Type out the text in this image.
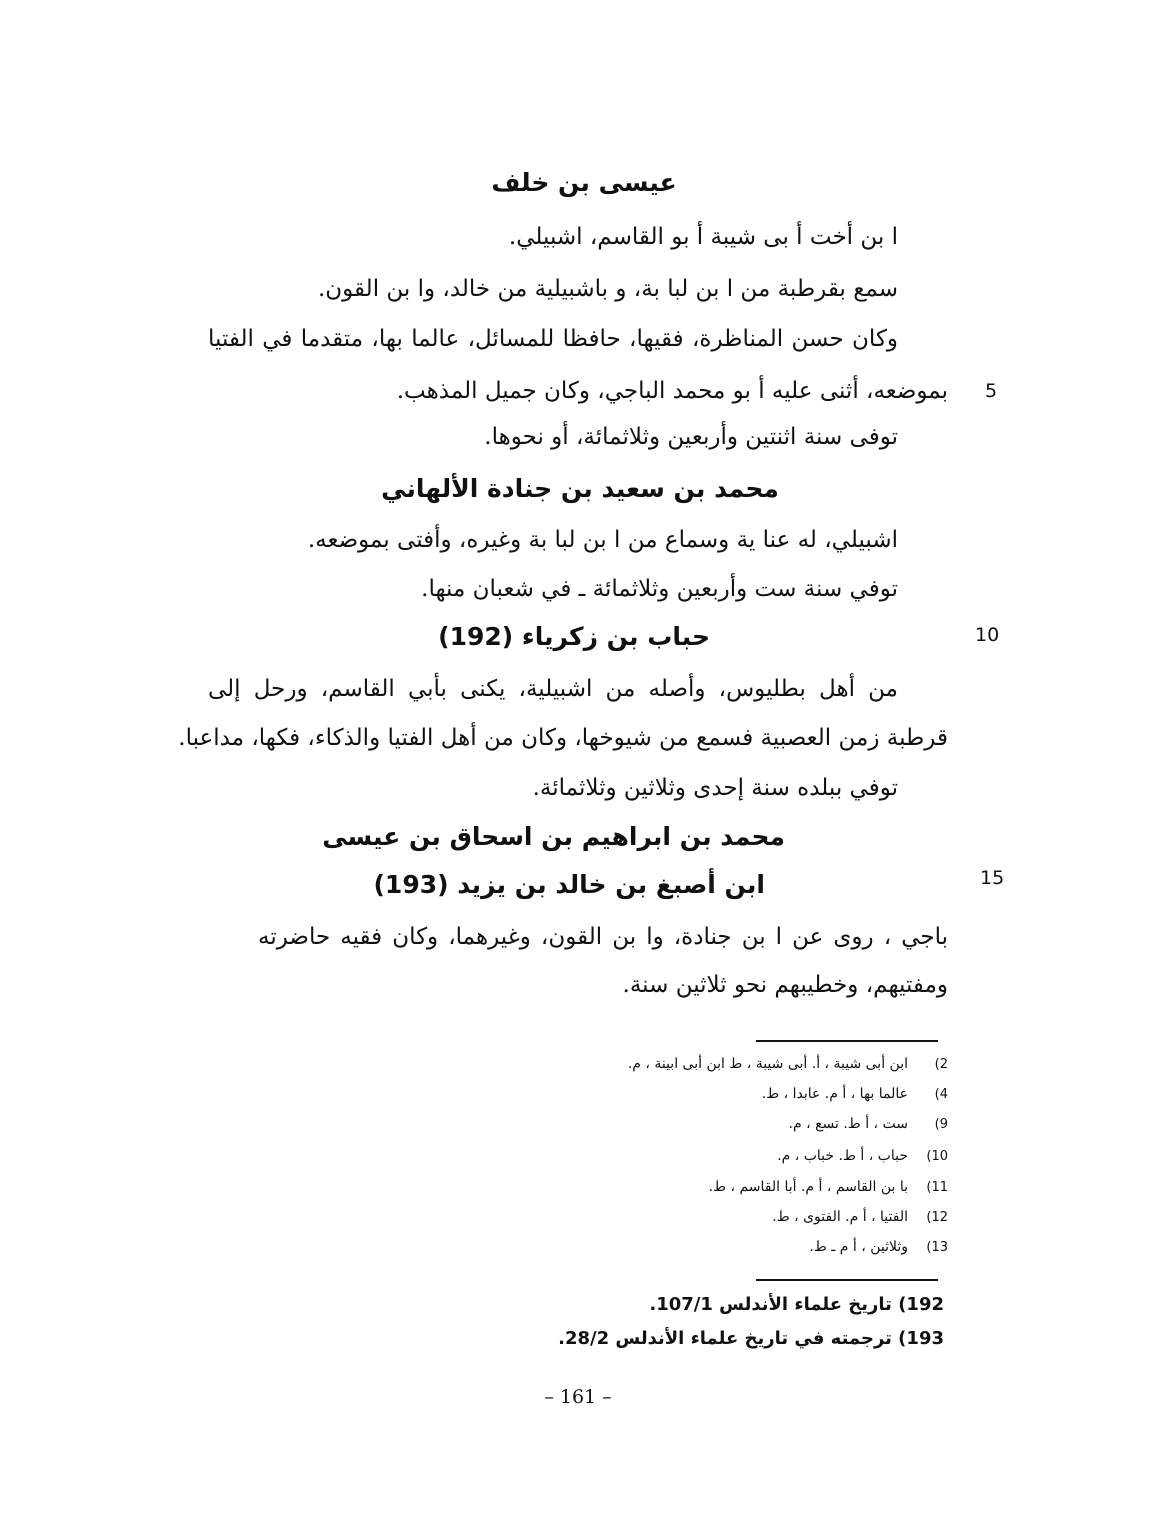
عيسى بن خلف
ا بن أخت أ بى شيبة أ بو القاسم، اشبيلي.
سمع بقرطبة من ا بن لبا بة، و باشبيلية من خالد، وا بن القون.
وكان حسن المناظرة، فقيها، حافظا للمسائل، عالما بها، متقدما في الفتيا
بموضعه، أثنى عليه أ بو محمد الباجي، وكان جميل المذهب. 5
توفى سنة اثنتين وأربعين وثلاثمائة، أو نحوها.
محمد بن سعيد بن جنادة الألهاني
اشبيلي، له عنا ية وسماع من ا بن لبا بة وغيره، وأفتى بموضعه.
توفي سنة ست وأربعين وثلاثمائة ـ في شعبان منها.
حباب بن زكرياء (192)	10
من أهل بطليوس، وأصله من اشبيلية، يكنى بأبي القاسم، ورحل إلى
قرطبة زمن العصبية فسمع من شيوخها، وكان من أهل الفتيا والذكاء، فكها، مداعبا.
توفي ببلده سنة إحدى وثلاثين وثلاثمائة.
محمد بن ابراهيم بن اسحاق بن عيسى
ابن أصبغ بن خالد بن يزيد (193)	15
باجي ، روى عن ا بن جنادة، وا بن القون، وغيرهما، وكان فقيه حاضرته
ومفتيهم، وخطيبهم نحو ثلاثين سنة.
2)ابن أبى شيبة ، أ. أبى شيبة ، ط ابن أبى ابينة ، م.
4)عالما بها ، أ م. عابدا ، ط.
9)ست ، أ ط. تسع ، م.
10)حباب ، أ ط. خباب ، م.
11)با بن القاسم ، أ م. أبا القاسم ، ط.
12)الفتيا ، أ م. الفتوى ، ط.
13)وثلاثين ، أ م ـ ط.
192) تاريخ علماء الأندلس 107/1.
193) ترجمته في تاريخ علماء الأندلس 28/2.
– 161 –
